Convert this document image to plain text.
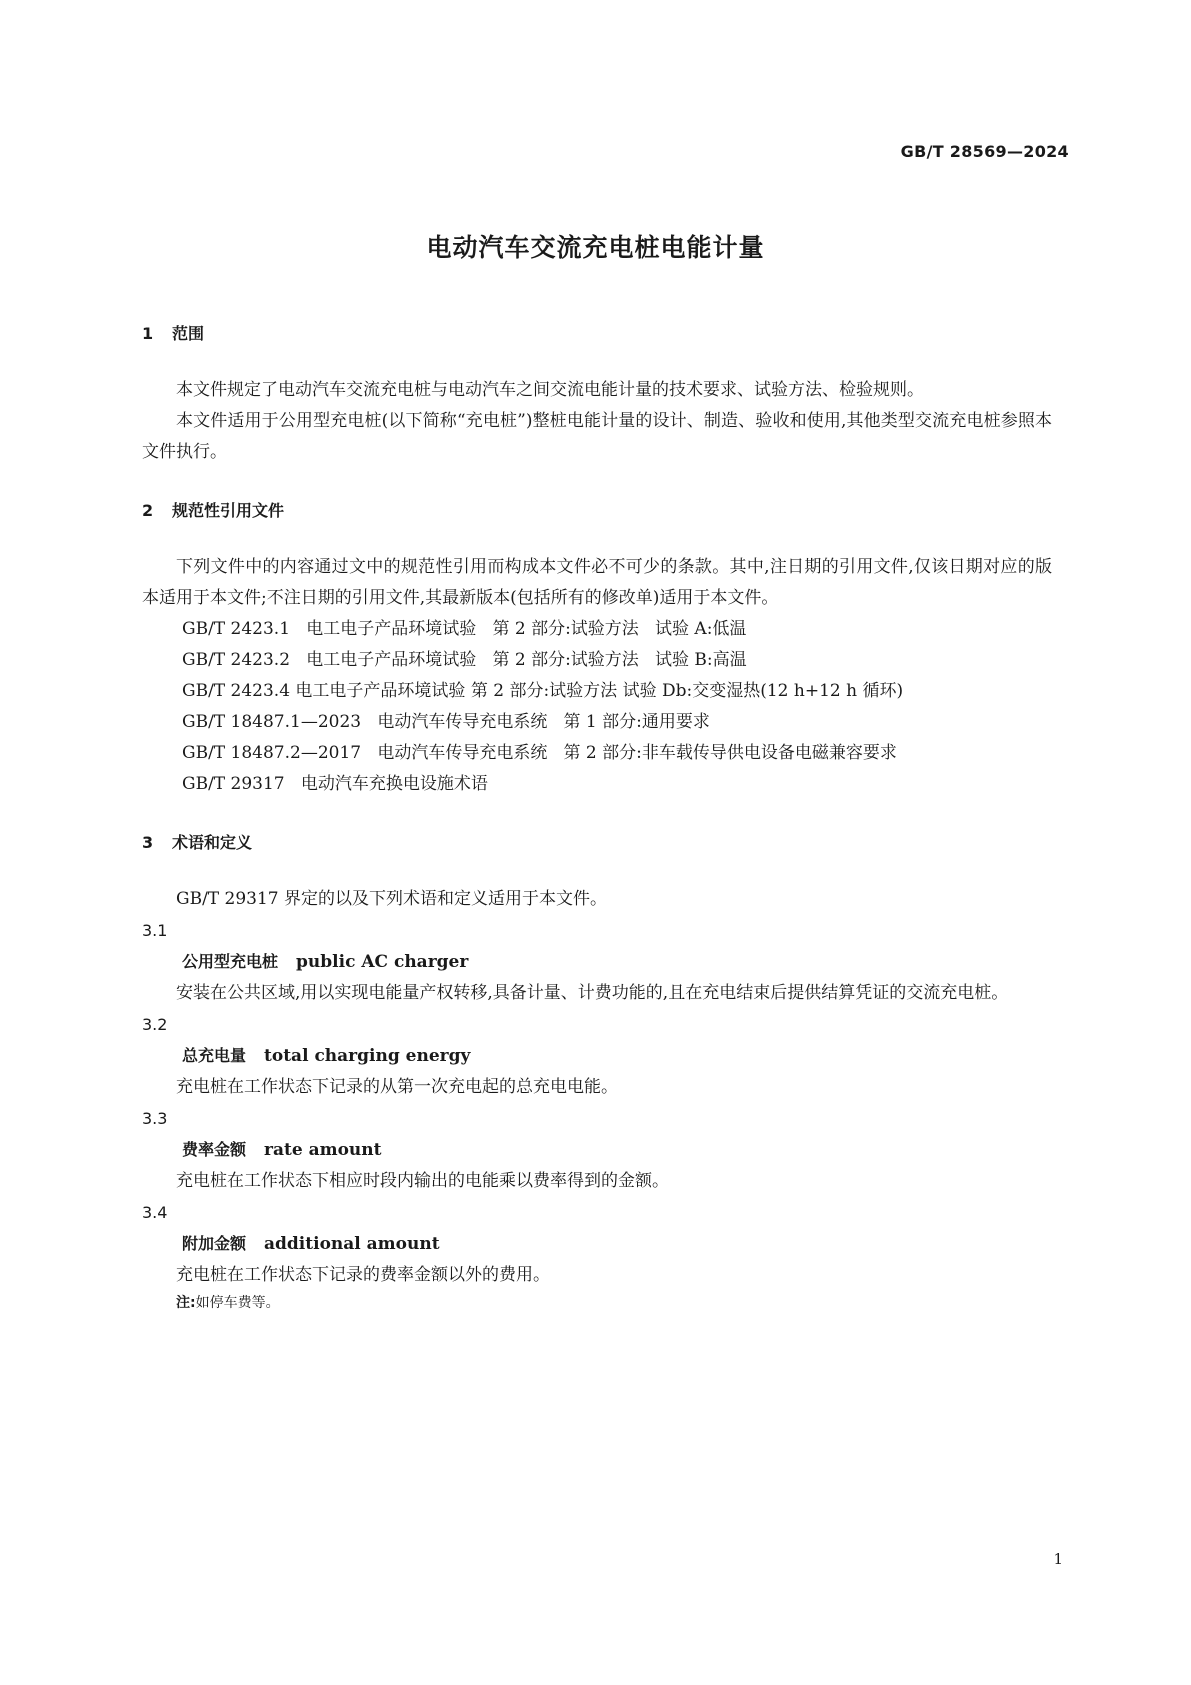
GB/T 28569—2024
电动汽车交流充电桩电能计量
1 范围
本文件规定了电动汽车交流充电桩与电动汽车之间交流电能计量的技术要求、试验方法、检验规则。
本文件适用于公用型充电桩(以下简称“充电桩”)整桩电能计量的设计、制造、验收和使用,其他类型交流充电桩参照本文件执行。
2 规范性引用文件
下列文件中的内容通过文中的规范性引用而构成本文件必不可少的条款。其中,注日期的引用文件,仅该日期对应的版本适用于本文件;不注日期的引用文件,其最新版本(包括所有的修改单)适用于本文件。
GB/T 2423.1   电工电子产品环境试验   第 2 部分:试验方法   试验 A:低温
GB/T 2423.2   电工电子产品环境试验   第 2 部分:试验方法   试验 B:高温
GB/T 2423.4 电工电子产品环境试验 第 2 部分:试验方法 试验 Db:交变湿热(12 h+12 h 循环)
GB/T 18487.1—2023   电动汽车传导充电系统   第 1 部分:通用要求
GB/T 18487.2—2017   电动汽车传导充电系统   第 2 部分:非车载传导供电设备电磁兼容要求
GB/T 29317   电动汽车充换电设施术语
3 术语和定义
GB/T 29317 界定的以及下列术语和定义适用于本文件。
3.1
公用型充电桩 public AC charger
安装在公共区域,用以实现电能量产权转移,具备计量、计费功能的,且在充电结束后提供结算凭证的交流充电桩。
3.2
总充电量 total charging energy
充电桩在工作状态下记录的从第一次充电起的总充电电能。
3.3
费率金额 rate amount
充电桩在工作状态下相应时段内输出的电能乘以费率得到的金额。
3.4
附加金额 additional amount
充电桩在工作状态下记录的费率金额以外的费用。
注:如停车费等。
1
